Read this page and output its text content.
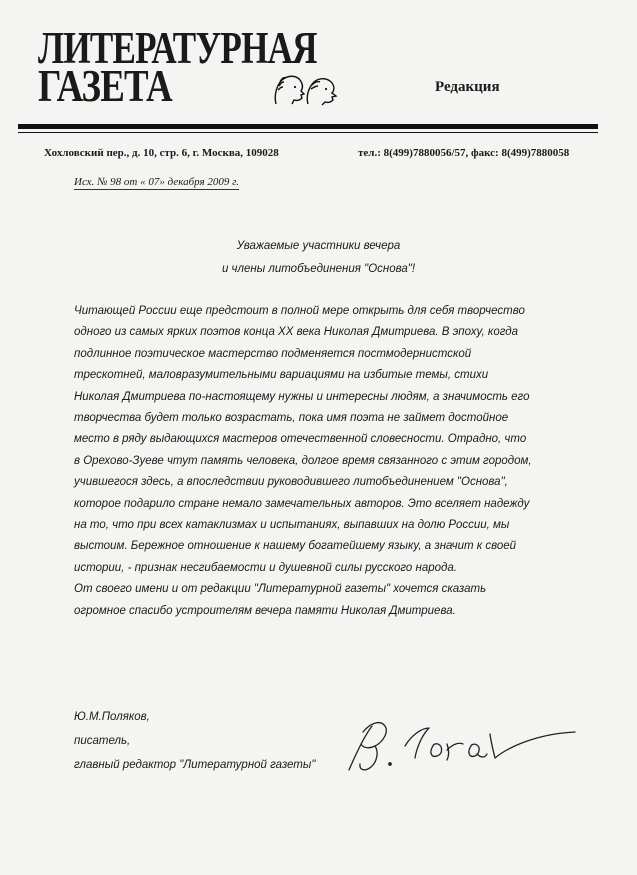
ЛИТЕРАТУРНАЯ
ГАЗЕТА	Редакция
Хохловский пер., д. 10, стр. 6, г. Москва, 109028	тел.: 8(499)7880056/57, факс: 8(499)7880058
Исх. № 98 от « 07» декабря 2009 г.
Уважаемые участники вечера
и члены литобъединения "Основа"!
Читающей России еще предстоит в полной мере открыть для себя творчество
одного из самых ярких поэтов конца XX века Николая Дмитриева. В эпоху, когда
подлинное поэтическое мастерство подменяется постмодернистской
трескотней, маловразумительными вариациями на избитые темы, стихи
Николая Дмитриева по-настоящему нужны и интересны людям, а значимость его
творчества будет только возрастать, пока имя поэта не займет достойное
место в ряду выдающихся мастеров отечественной словесности. Отрадно, что
в Орехово-Зуеве чтут память человека, долгое время связанного с этим городом,
учившегося здесь, а впоследствии руководившего литобъединением "Основа",
которое подарило стране немало замечательных авторов. Это вселяет надежду
на то, что при всех катаклизмах и испытаниях, выпавших на долю России, мы
выстоим. Бережное отношение к нашему богатейшему языку, а значит к своей
истории, - признак несгибаемости и душевной силы русского народа.
От своего имени и от редакции "Литературной газеты" хочется сказать
огромное спасибо устроителям вечера памяти Николая Дмитриева.
Ю.М.Поляков,
писатель,
главный редактор "Литературной газеты"
